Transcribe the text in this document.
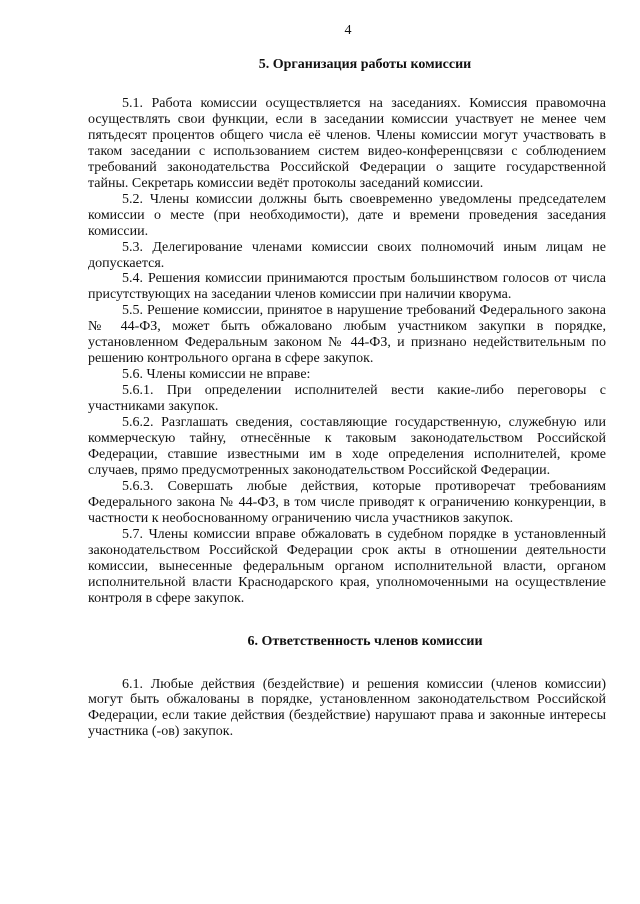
4
5. Организация работы комиссии

5.1. Работа комиссии осуществляется на заседаниях. Комиссия правомочна осуществлять свои функции, если в заседании комиссии участвует не менее чем пятьдесят процентов общего числа её членов. Члены комиссии могут участвовать в таком заседании с использованием систем видео-конференцсвязи с соблюдением требований законодательства Российской Федерации о защите государственной тайны. Секретарь комиссии ведёт протоколы заседаний комиссии.

5.2. Члены комиссии должны быть своевременно уведомлены председателем комиссии о месте (при необходимости), дате и времени проведения заседания комиссии.

5.3. Делегирование членами комиссии своих полномочий иным лицам не допускается.

5.4. Решения комиссии принимаются простым большинством голосов от числа присутствующих на заседании членов комиссии при наличии кворума.

5.5. Решение комиссии, принятое в нарушение требований Федерального закона № 44-ФЗ, может быть обжаловано любым участником закупки в порядке, установленном Федеральным законом № 44-ФЗ, и признано недействительным по решению контрольного органа в сфере закупок.

5.6. Члены комиссии не вправе:

5.6.1. При определении исполнителей вести какие-либо переговоры с участниками закупок.

5.6.2. Разглашать сведения, составляющие государственную, служебную или коммерческую тайну, отнесённые к таковым законодательством Российской Федерации, ставшие известными им в ходе определения исполнителей, кроме случаев, прямо предусмотренных законодательством Российской Федерации.

5.6.3. Совершать любые действия, которые противоречат требованиям Федерального закона № 44-ФЗ, в том числе приводят к ограничению конкуренции, в частности к необоснованному ограничению числа участников закупок.

5.7. Члены комиссии вправе обжаловать в судебном порядке в установленный законодательством Российской Федерации срок акты в отношении деятельности комиссии, вынесенные федеральным органом исполнительной власти, органом исполнительной власти Краснодарского края, уполномоченными на осуществление контроля в сфере закупок.

6. Ответственность членов комиссии

6.1. Любые действия (бездействие) и решения комиссии (членов комиссии) могут быть обжалованы в порядке, установленном законодательством Российской Федерации, если такие действия (бездействие) нарушают права и законные интересы участника (-ов) закупок.
